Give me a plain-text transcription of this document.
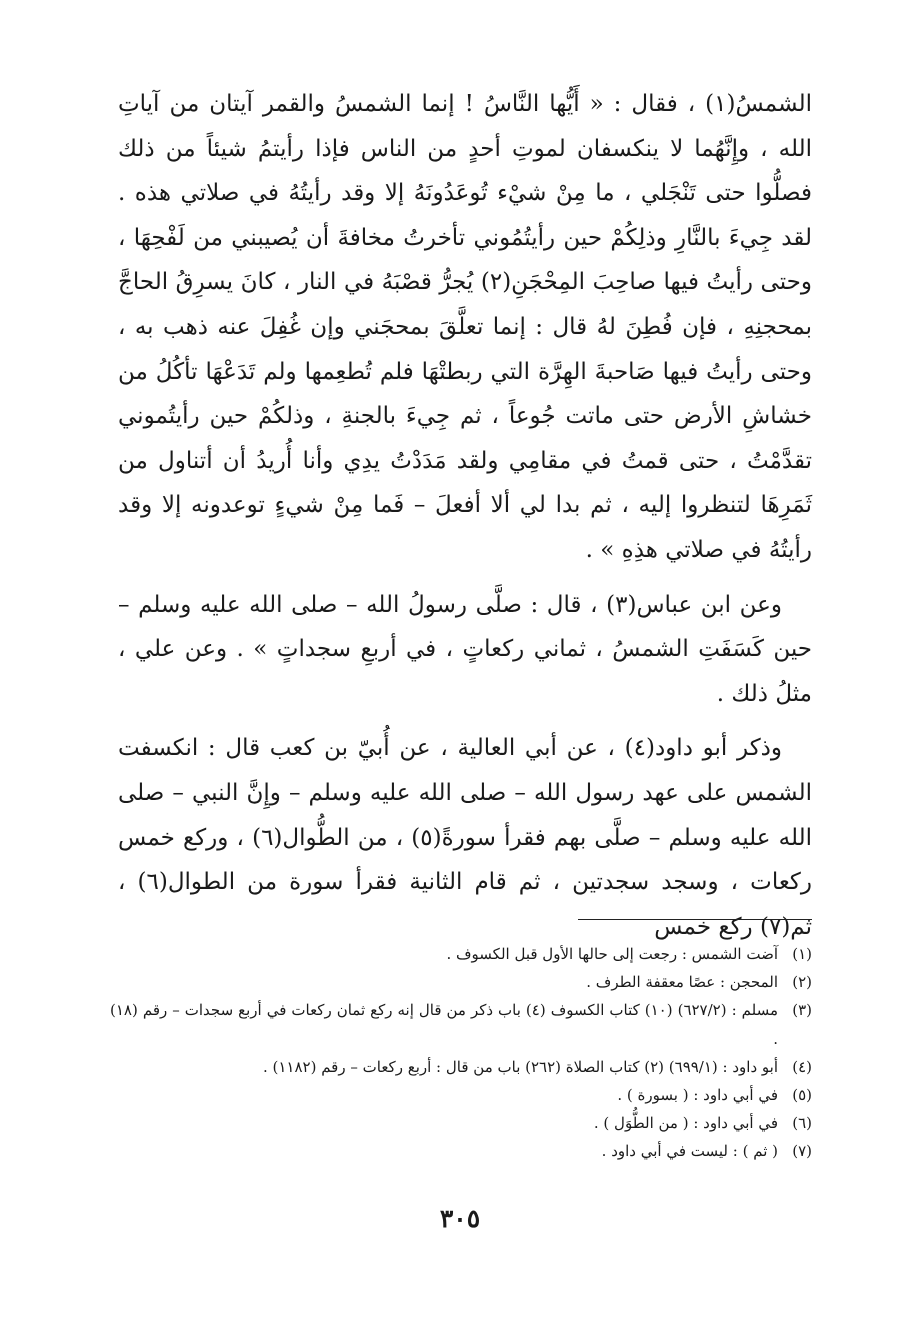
الشمسُ(١) ، فقال : « أَيُّها النَّاسُ ! إنما الشمسُ والقمر آيتان من آياتِ الله ، وإِنَّهُما لا ينكسفان لموتِ أحدٍ من الناس فإذا رأيتمُ شيئاً من ذلك فصلُّوا حتى تَنْجَلي ، ما مِنْ شيْء تُوعَدُونَهُ إلا وقد رأيتُهُ في صلاتي هذه . لقد جِيءَ بالنَّارِ وذلِكُمْ حين رأيتُمُوني تأخرتُ مخافةَ أن يُصيبني من لَفْحِهَا ، وحتى رأيتُ فيها صاحِبَ المِحْجَنِ(٢) يُجرُّ قصْبَهُ في النار ، كانَ يسرِقُ الحاجَّ بمحجنِهِ ، فإن فُطِنَ لهُ قال : إنما تعلَّقَ بمحجَني وإن غُفِلَ عنه ذهب به ، وحتى رأيتُ فيها صَاحبةَ الهِرَّة التي ربطتْهَا فلم تُطعِمها ولم تَدَعْهَا تأكُلُ من خشاشِ الأرض حتى ماتت جُوعاً ، ثم جِيءَ بالجنةِ ، وذلكُمْ حين رأيتُموني تقدَّمْتُ ، حتى قمتُ في مقامِي ولقد مَدَدْتُ يدِي وأنا أُريدُ أن أتناول من ثَمَرِهَا لتنظروا إليه ، ثم بدا لي ألا أفعلَ – فَما مِنْ شيءٍ توعدونه إلا وقد رأيتُهُ في صلاتي هذِهِ » .

وعن ابن عباس(٣) ، قال : صلَّى رسولُ الله – صلى الله عليه وسلم – حين كَسَفَتِ الشمسُ ، ثماني ركعاتٍ ، في أربعِ سجداتٍ » . وعن علي ، مثلُ ذلك .

وذكر أبو داود(٤) ، عن أبي العالية ، عن أُبيّ بن كعب قال : انكسفت الشمس على عهد رسول الله – صلى الله عليه وسلم – وإِنَّ النبي – صلى الله عليه وسلم – صلَّى بهم فقرأ سورةً(٥) ، من الطُّوال(٦) ، وركع خمس ركعات ، وسجد سجدتين ، ثم قام الثانية فقرأ سورة من الطوال(٦) ، ثم(٧) ركع خمس

(١)
آضت الشمس : رجعت إلى حالها الأول قبل الكسوف .
(٢)
المحجن : عصًا معقفة الطرف .
(٣)
مسلم : (٦٢٧/٢) (١٠) كتاب الكسوف (٤) باب ذكر من قال إنه ركع ثمان ركعات في أربع سجدات – رقم (١٨) .
(٤)
أبو داود : (٦٩٩/١) (٢) كتاب الصلاة (٢٦٢) باب من قال : أربع ركعات – رقم (١١٨٢) .
(٥)
في أبي داود : ( بسورة ) .
(٦)
في أبي داود : ( من الطُّوَل ) .
(٧)
( ثم ) : ليست في أبي داود .
٣٠٥
